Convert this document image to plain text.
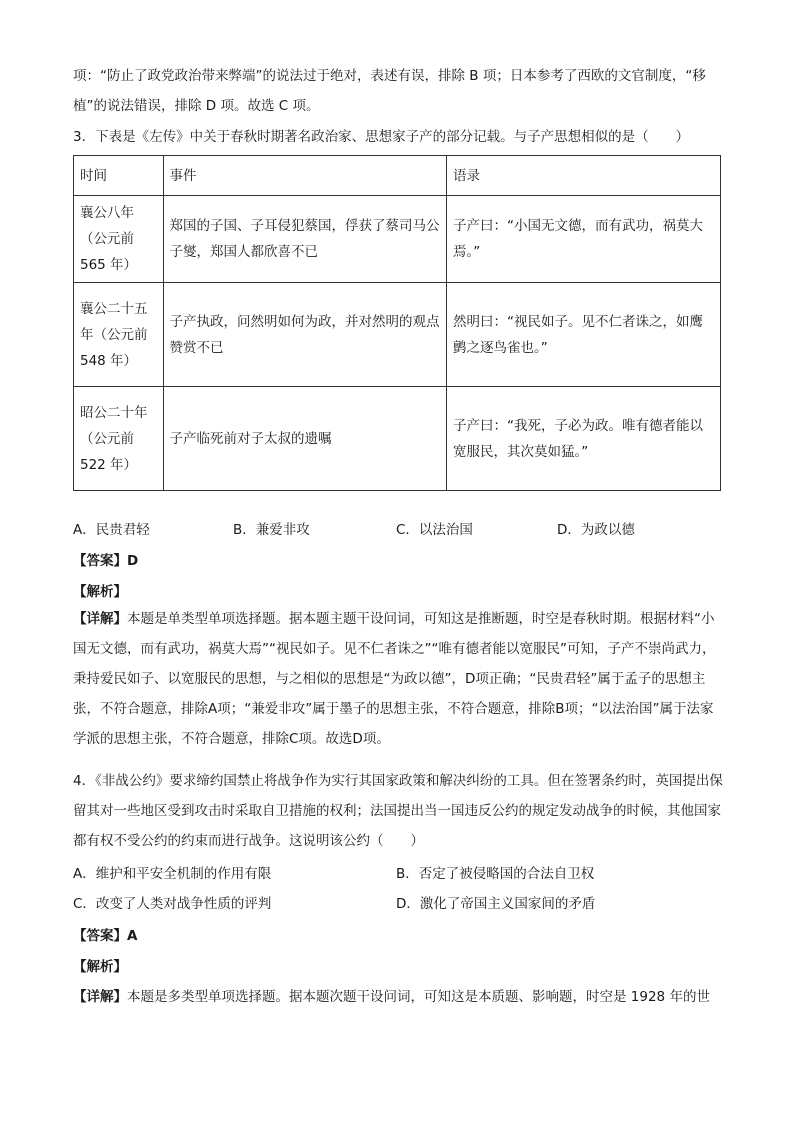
项：“防止了政党政治带来弊端”的说法过于绝对，表述有误，排除 B 项；日本参考了西欧的文官制度，“移

植”的说法错误，排除 D 项。故选 C 项。

3．下表是《左传》中关于春秋时期著名政治家、思想家子产的部分记载。与子产思想相似的是（　　）

时间	事件	语录
襄公八年（公元前 565 年）	郑国的子国、子耳侵犯蔡国，俘获了蔡司马公子燮，郑国人都欣喜不已	子产曰：“小国无文德，而有武功，祸莫大焉。”
襄公二十五年（公元前 548 年）	子产执政，问然明如何为政，并对然明的观点赞赏不已	然明曰：“视民如子。见不仁者诛之，如鹰鹯之逐鸟雀也。”
昭公二十年（公元前 522 年）	子产临死前对子太叔的遗嘱	子产曰：“我死，子必为政。唯有德者能以宽服民，其次莫如猛。”
A．民贵君轻	B．兼爱非攻	C．以法治国	D．为政以德
【答案】D
【解析】

【详解】本题是单类型单项选择题。据本题主题干设问词，可知这是推断题，时空是春秋时期。根据材料“小国无文德，而有武功，祸莫大焉”“视民如子。见不仁者诛之”“唯有德者能以宽服民”可知，子产不崇尚武力，秉持爱民如子、以宽服民的思想，与之相似的思想是“为政以德”，D项正确；“民贵君轻”属于孟子的思想主张，不符合题意，排除A项；“兼爱非攻”属于墨子的思想主张，不符合题意，排除B项；“以法治国”属于法家学派的思想主张，不符合题意，排除C项。故选D项。

4．《非战公约》要求缔约国禁止将战争作为实行其国家政策和解决纠纷的工具。但在签署条约时，英国提出保留其对一些地区受到攻击时采取自卫措施的权利；法国提出当一国违反公约的规定发动战争的时候，其他国家都有权不受公约的约束而进行战争。这说明该公约（　　）

A．维护和平安全机制的作用有限	B．否定了被侵略国的合法自卫权
C．改变了人类对战争性质的评判	D．激化了帝国主义国家间的矛盾
【答案】A
【解析】

【详解】本题是多类型单项选择题。据本题次题干设问词，可知这是本质题、影响题，时空是 1928 年的世
